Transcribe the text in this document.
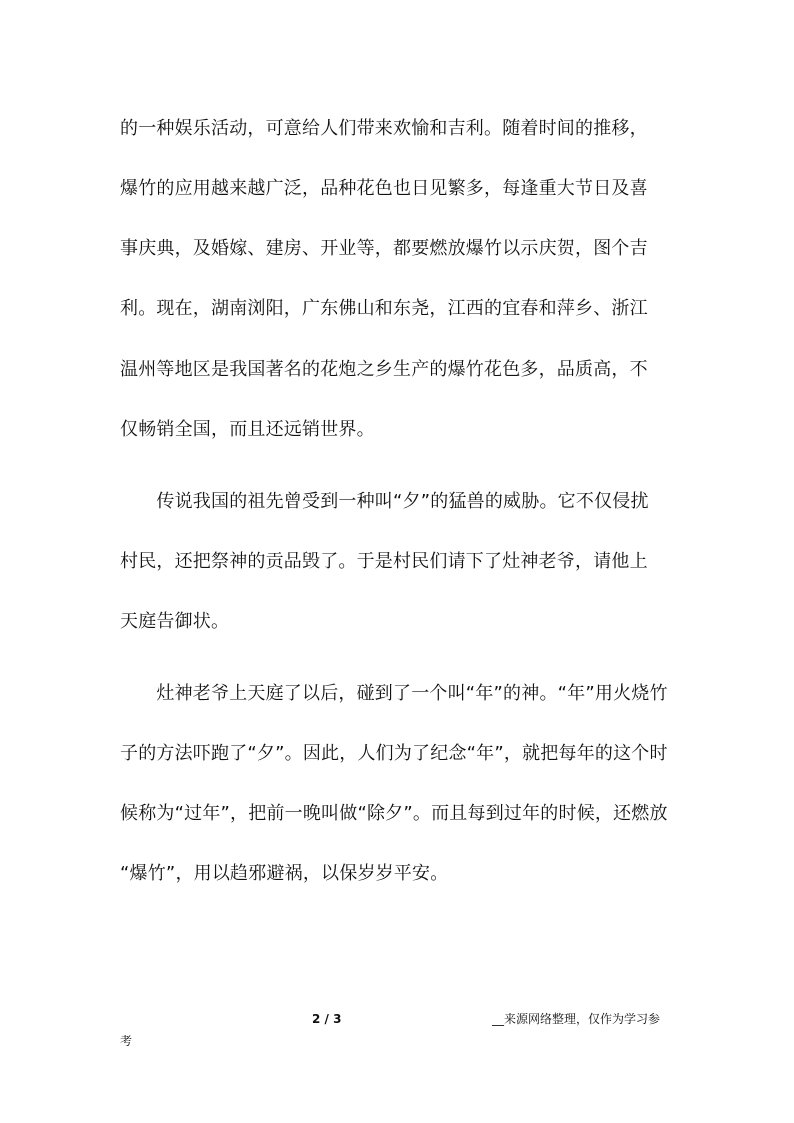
的一种娱乐活动，可意给人们带来欢愉和吉利。随着时间的推移，
爆竹的应用越来越广泛，品种花色也日见繁多，每逢重大节日及喜
事庆典，及婚嫁、建房、开业等，都要燃放爆竹以示庆贺，图个吉
利。现在，湖南浏阳，广东佛山和东尧，江西的宜春和萍乡、浙江
温州等地区是我国著名的花炮之乡生产的爆竹花色多，品质高，不
仅畅销全国，而且还远销世界。
　　传说我国的祖先曾受到一种叫“夕”的猛兽的威胁。它不仅侵扰
村民，还把祭神的贡品毁了。于是村民们请下了灶神老爷，请他上
天庭告御状。
　　灶神老爷上天庭了以后，碰到了一个叫“年”的神。“年”用火烧竹
子的方法吓跑了“夕”。因此，人们为了纪念“年”，就把每年的这个时
候称为“过年”，把前一晚叫做“除夕”。而且每到过年的时候，还燃放
“爆竹”，用以趋邪避祸，以保岁岁平安。
2 / 3	__来源网络整理，仅作为学习参
考
